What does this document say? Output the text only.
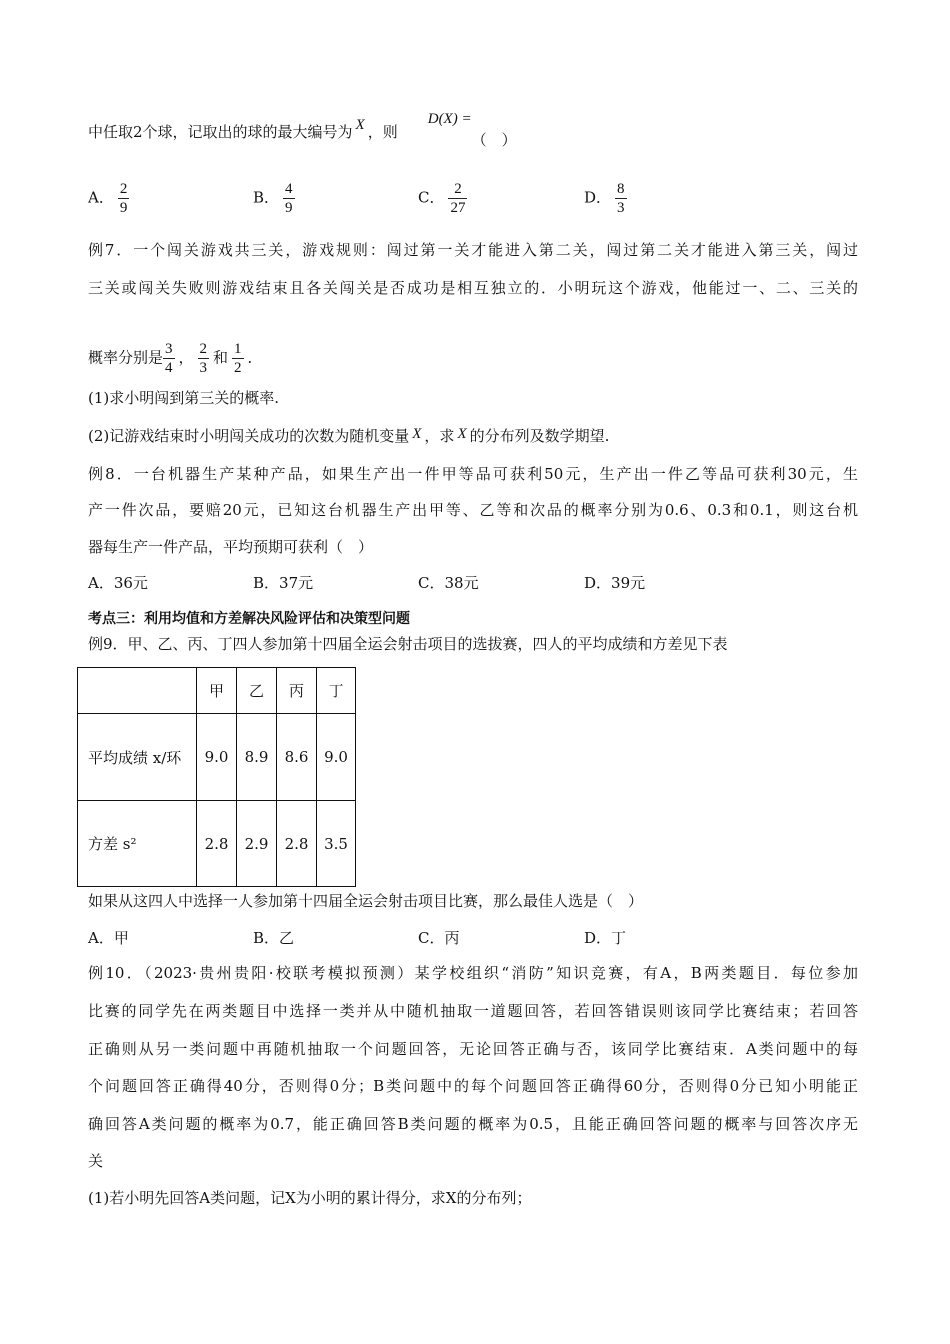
中任取2个球，记取出的球的最大编号为 X ，则D(X) =（　）
A． $\frac{2}{9}$	B． $\frac{4}{9}$	C． $\frac{2}{27}$	D． $\frac{8}{3}$
例7．一个闯关游戏共三关，游戏规则：闯过第一关才能进入第二关，闯过第二关才能进入第三关，闯过
三关或闯关失败则游戏结束且各关闯关是否成功是相互独立的．小明玩这个游戏，他能过一、二、三关的
概率分别是 $\frac{3}{4}$ ， $\frac{2}{3}$ 和 $\frac{1}{2}$ ．
(1)求小明闯到第三关的概率.
(2)记游戏结束时小明闯关成功的次数为随机变量 X ，求 X 的分布列及数学期望.
例8．一台机器生产某种产品，如果生产出一件甲等品可获利50元，生产出一件乙等品可获利30元，生
产一件次品，要赔20元，已知这台机器生产出甲等、乙等和次品的概率分别为0.6、0.3和0.1，则这台机
器每生产一件产品，平均预期可获利（　）
A．36元	B．37元	C．38元	D．39元
考点三：利用均值和方差解决风险评估和决策型问题
例9．甲、乙、丙、丁四人参加第十四届全运会射击项目的选拔赛，四人的平均成绩和方差见下表
	甲	乙	丙	丁
平均成绩 x/环	9.0	8.9	8.6	9.0
方差 s²	2.8	2.9	2.8	3.5
如果从这四人中选择一人参加第十四届全运会射击项目比赛，那么最佳人选是（　）
A．甲	B．乙	C．丙	D．丁
例10．（2023·贵州贵阳·校联考模拟预测）某学校组织“消防”知识竞赛，有A，B两类题目．每位参加
比赛的同学先在两类题目中选择一类并从中随机抽取一道题回答，若回答错误则该同学比赛结束；若回答
正确则从另一类问题中再随机抽取一个问题回答，无论回答正确与否，该同学比赛结束．A类问题中的每
个问题回答正确得40分，否则得0分；B类问题中的每个问题回答正确得60分，否则得0分已知小明能正
确回答A类问题的概率为0.7，能正确回答B类问题的概率为0.5，且能正确回答问题的概率与回答次序无
关
(1)若小明先回答A类问题，记X为小明的累计得分，求X的分布列；
